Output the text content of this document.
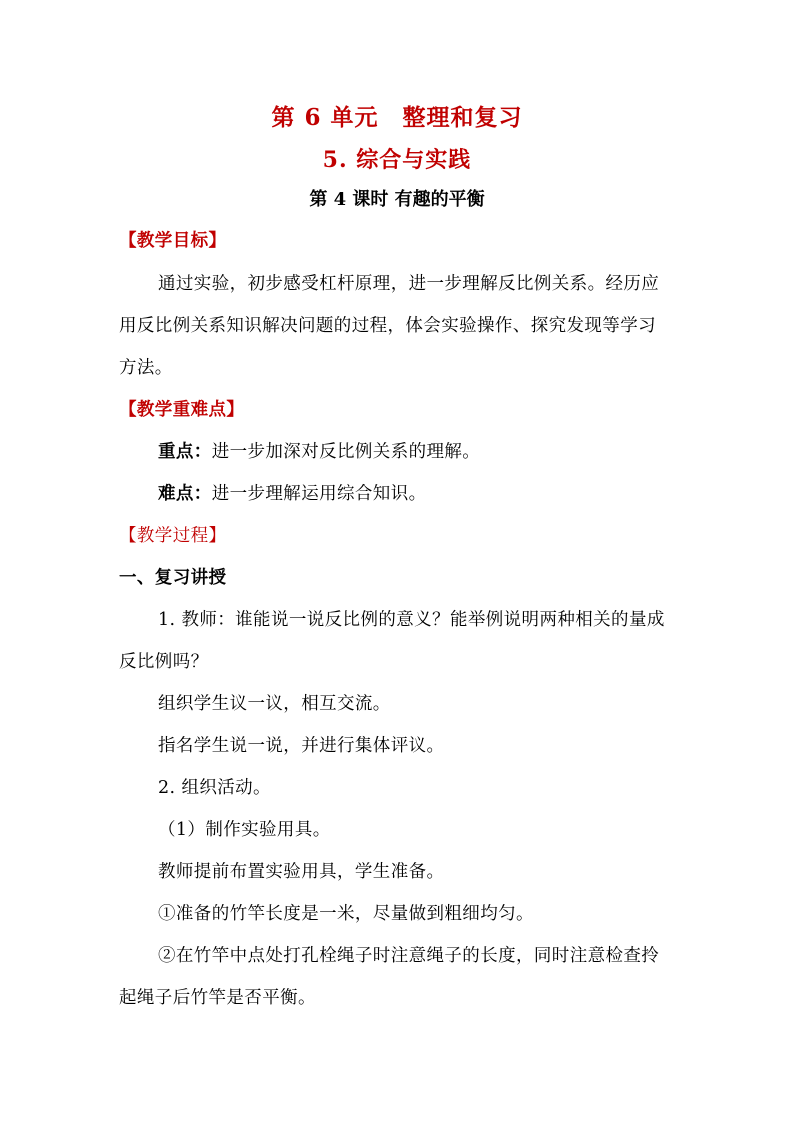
第 6 单元　整理和复习
5. 综合与实践
第 4 课时 有趣的平衡
【教学目标】
通过实验，初步感受杠杆原理，进一步理解反比例关系。经历应
用反比例关系知识解决问题的过程，体会实验操作、探究发现等学习
方法。
【教学重难点】
重点：进一步加深对反比例关系的理解。
难点：进一步理解运用综合知识。
【教学过程】
一、复习讲授
1. 教师：谁能说一说反比例的意义？能举例说明两种相关的量成
反比例吗？
组织学生议一议，相互交流。
指名学生说一说，并进行集体评议。
2. 组织活动。
（1）制作实验用具。
教师提前布置实验用具，学生准备。
①准备的竹竿长度是一米，尽量做到粗细均匀。
②在竹竿中点处打孔栓绳子时注意绳子的长度，同时注意检查拎
起绳子后竹竿是否平衡。
